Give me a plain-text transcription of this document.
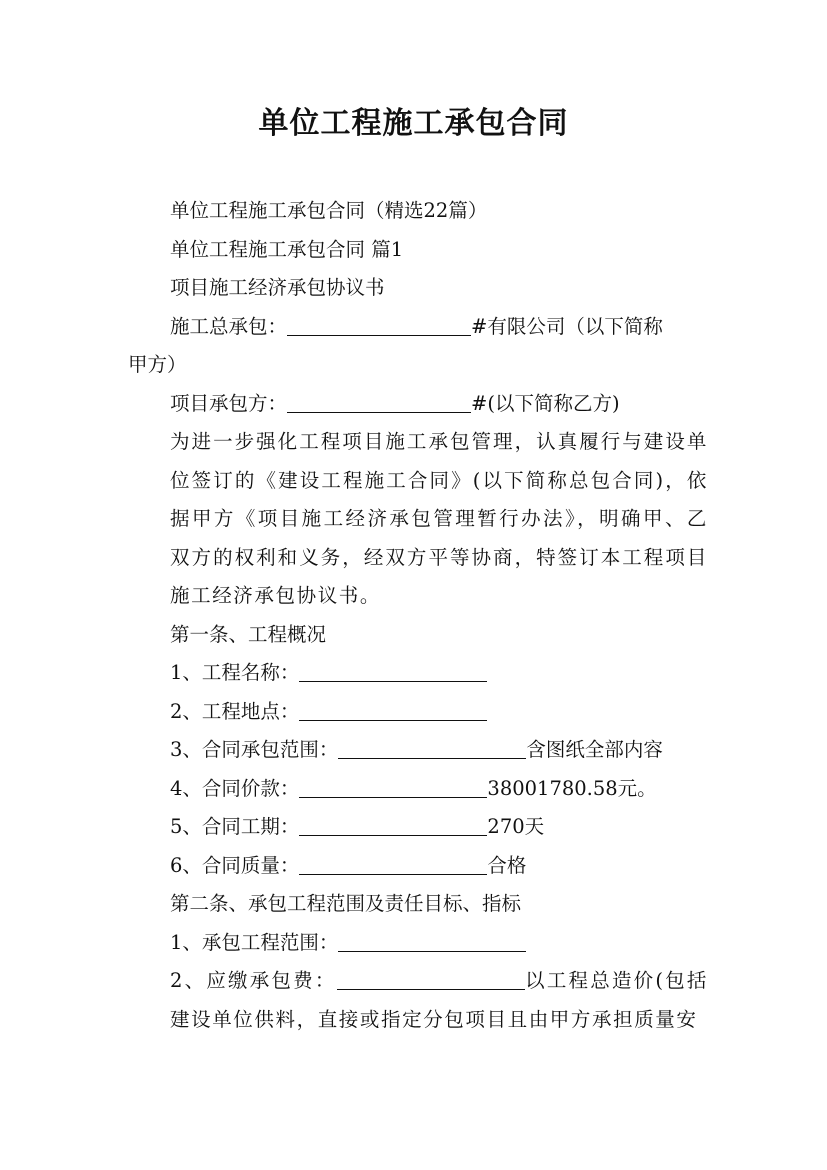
单位工程施工承包合同

单位工程施工承包合同（精选22篇）

单位工程施工承包合同 篇1

项目施工经济承包协议书

施工总承包：	#有限公司（以下简称

甲方）

项目承包方：	#(以下简称乙方)

为进一步强化工程项目施工承包管理，认真履行与建设单位签订的《建设工程施工合同》(以下简称总包合同)，依据甲方《项目施工经济承包管理暂行办法》，明确甲、乙双方的权利和义务，经双方平等协商，特签订本工程项目施工经济承包协议书。

第一条、工程概况

1、工程名称：

2、工程地点：

3、合同承包范围：	含图纸全部内容

4、合同价款：	38001780.58元。

5、合同工期：	270天

6、合同质量：	合格

第二条、承包工程范围及责任目标、指标

1、承包工程范围：

2、应缴承包费：	以工程总造价(包括建设单位供料，直接或指定分包项目且由甲方承担质量安
